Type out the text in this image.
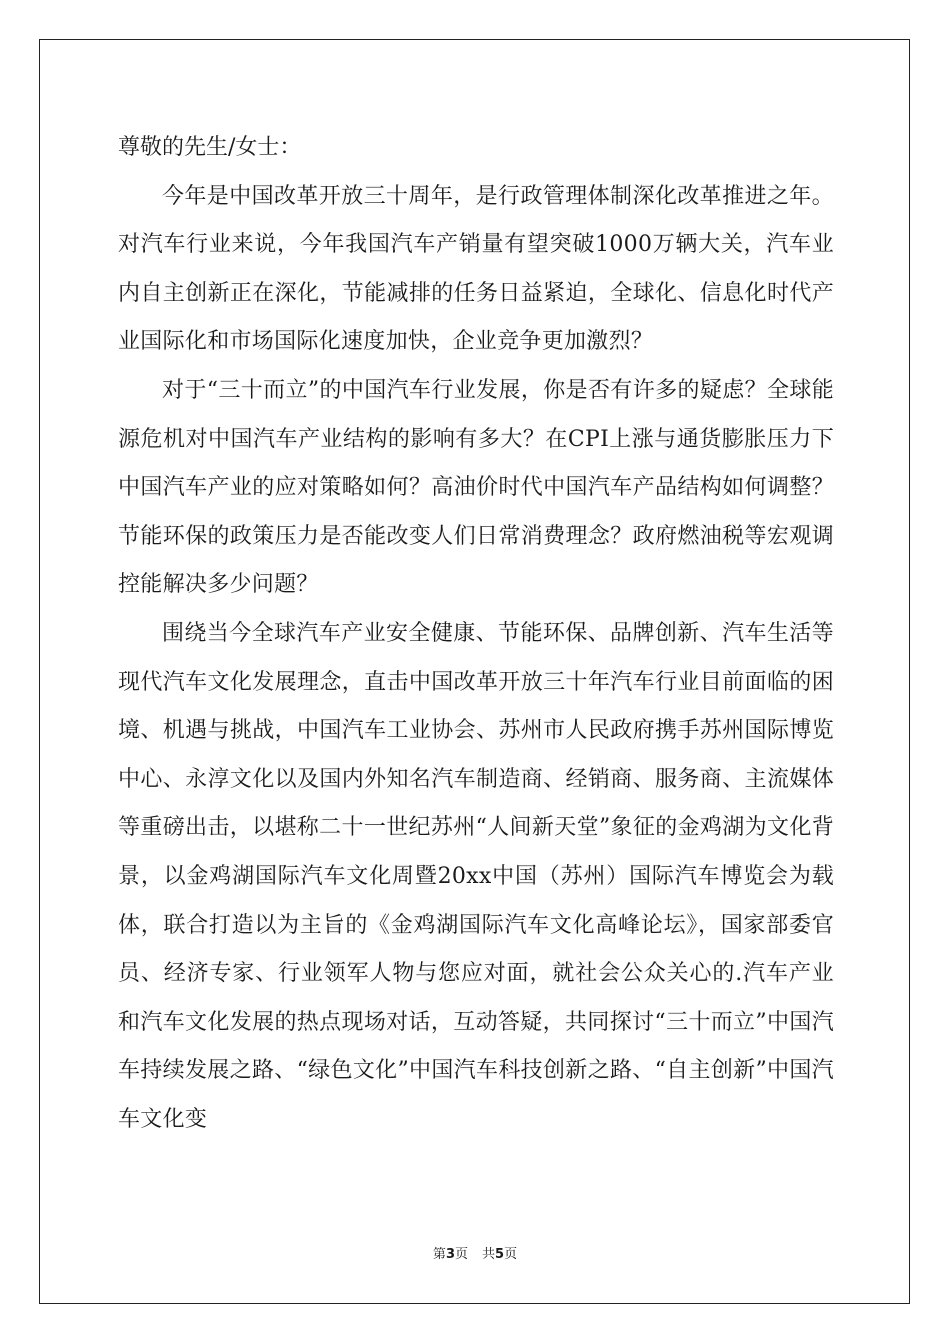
尊敬的先生/女士：

今年是中国改革开放三十周年，是行政管理体制深化改革推进之年。对汽车行业来说，今年我国汽车产销量有望突破1000万辆大关，汽车业内自主创新正在深化，节能减排的任务日益紧迫，全球化、信息化时代产业国际化和市场国际化速度加快，企业竞争更加激烈？

对于“三十而立”的中国汽车行业发展，你是否有许多的疑虑？全球能源危机对中国汽车产业结构的影响有多大？在CPI上涨与通货膨胀压力下中国汽车产业的应对策略如何？高油价时代中国汽车产品结构如何调整？节能环保的政策压力是否能改变人们日常消费理念？政府燃油税等宏观调控能解决多少问题？

围绕当今全球汽车产业安全健康、节能环保、品牌创新、汽车生活等现代汽车文化发展理念，直击中国改革开放三十年汽车行业目前面临的困境、机遇与挑战，中国汽车工业协会、苏州市人民政府携手苏州国际博览中心、永淳文化以及国内外知名汽车制造商、经销商、服务商、主流媒体等重磅出击，以堪称二十一世纪苏州“人间新天堂”象征的金鸡湖为文化背景，以金鸡湖国际汽车文化周暨20xx中国（苏州）国际汽车博览会为载体，联合打造以为主旨的《金鸡湖国际汽车文化高峰论坛》，国家部委官员、经济专家、行业领军人物与您应对面，就社会公众关心的.汽车产业和汽车文化发展的热点现场对话，互动答疑，共同探讨“三十而立”中国汽车持续发展之路、“绿色文化”中国汽车科技创新之路、“自主创新”中国汽车文化变

第3页 共5页
